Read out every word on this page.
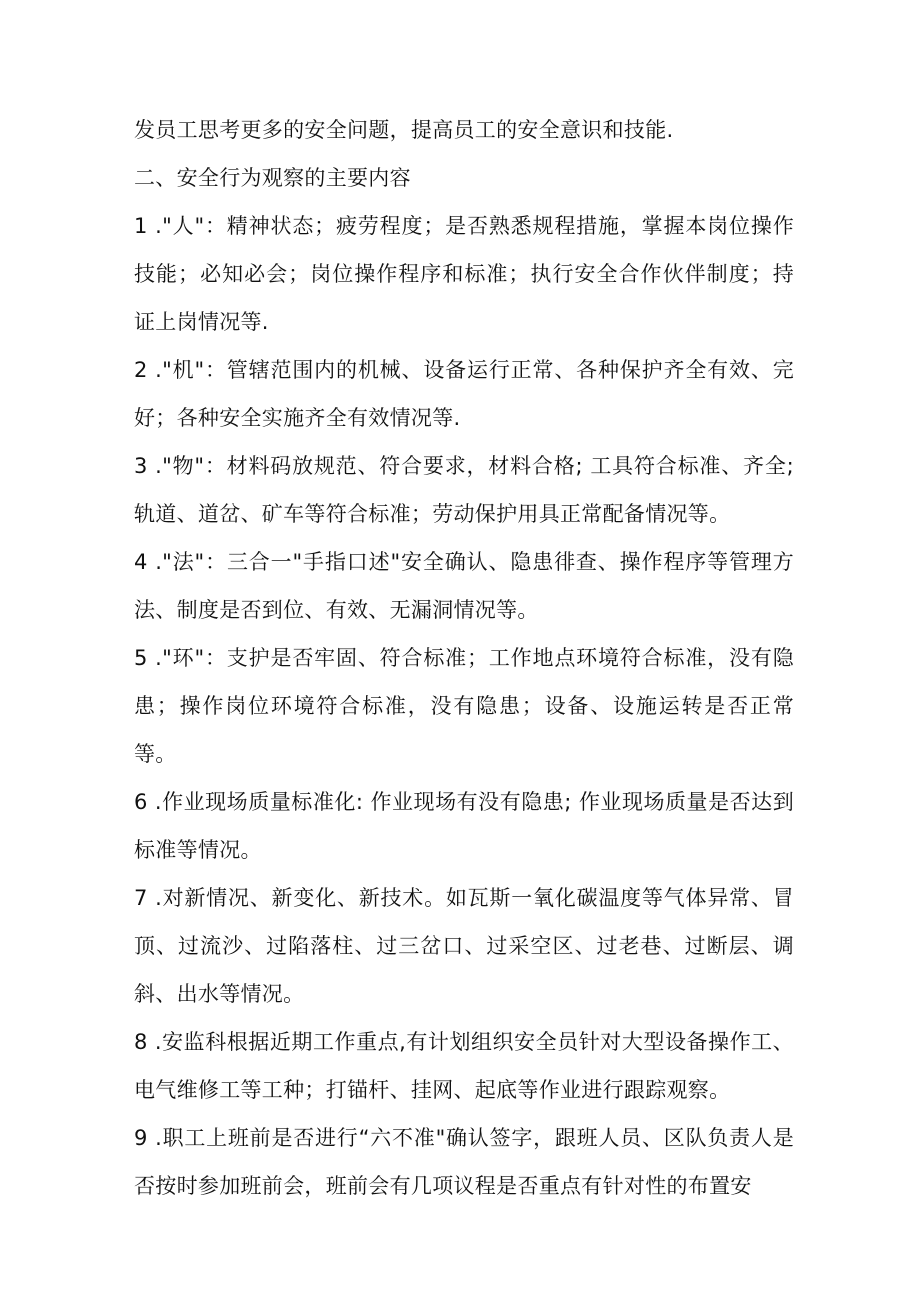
发员工思考更多的安全问题，提高员工的安全意识和技能.

二、安全行为观察的主要内容

1 ."人"：精神状态；疲劳程度；是否熟悉规程措施，掌握本岗位操作技能；必知必会；岗位操作程序和标准；执行安全合作伙伴制度；持证上岗情况等.

2 ."机"：管辖范围内的机械、设备运行正常、各种保护齐全有效、完好；各种安全实施齐全有效情况等.

3 ."物"：材料码放规范、符合要求，材料合格; 工具符合标准、齐全; 轨道、道岔、矿车等符合标准；劳动保护用具正常配备情况等。

4 ."法"：三合一"手指口述"安全确认、隐患徘查、操作程序等管理方法、制度是否到位、有效、无漏洞情况等。

5 ."环"：支护是否牢固、符合标准；工作地点环境符合标准，没有隐患；操作岗位环境符合标准，没有隐患；设备、设施运转是否正常等。

6 .作业现场质量标准化: 作业现场有没有隐患; 作业现场质量是否达到标准等情况。

7 .对新情况、新变化、新技术。如瓦斯一氧化碳温度等气体异常、冒顶、过流沙、过陷落柱、过三岔口、过采空区、过老巷、过断层、调斜、出水等情况。

8 .安监科根据近期工作重点,有计划组织安全员针对大型设备操作工、电气维修工等工种；打锚杆、挂网、起底等作业进行跟踪观察。

9 .职工上班前是否进行“六不准"确认签字，跟班人员、区队负责人是否按时参加班前会，班前会有几项议程是否重点有针对性的布置安
